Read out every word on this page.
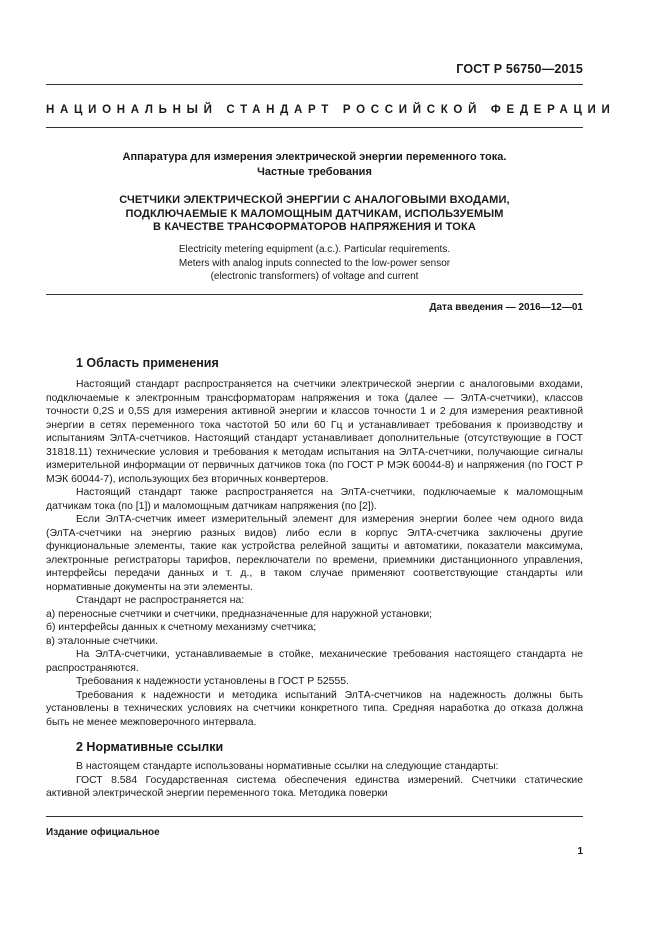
ГОСТ Р 56750—2015
НАЦИОНАЛЬНЫЙ СТАНДАРТ РОССИЙСКОЙ ФЕДЕРАЦИИ
Аппаратура для измерения электрической энергии переменного тока.
Частные требования
СЧЕТЧИКИ ЭЛЕКТРИЧЕСКОЙ ЭНЕРГИИ С АНАЛОГОВЫМИ ВХОДАМИ,
ПОДКЛЮЧАЕМЫЕ К МАЛОМОЩНЫМ ДАТЧИКАМ, ИСПОЛЬЗУЕМЫМ
В КАЧЕСТВЕ ТРАНСФОРМАТОРОВ НАПРЯЖЕНИЯ И ТОКА
Electricity metering equipment (a.c.). Particular requirements.
Meters with analog inputs connected to the low-power sensor
(electronic transformers) of voltage and current
Дата введения — 2016—12—01
1 Область применения

Настоящий стандарт распространяется на счетчики электрической энергии с аналоговыми входами, подключаемые к электронным трансформаторам напряжения и тока (далее — ЭлТА-счетчики), классов точности 0,2S и 0,5S для измерения активной энергии и классов точности 1 и 2 для измерения реактивной энергии в сетях переменного тока частотой 50 или 60 Гц и устанавливает требования к производству и испытаниям ЭлТА-счетчиков. Настоящий стандарт устанавливает дополнительные (отсутствующие в ГОСТ 31818.11) технические условия и требования к методам испытания на ЭлТА-счетчики, получающие сигналы измерительной информации от первичных датчиков тока (по ГОСТ Р МЭК 60044-8) и напряжения (по ГОСТ Р МЭК 60044-7), использующих без вторичных конвертеров.

Настоящий стандарт также распространяется на ЭлТА-счетчики, подключаемые к маломощным датчикам тока (по [1]) и маломощным датчикам напряжения (по [2]).

Если ЭлТА-счетчик имеет измерительный элемент для измерения энергии более чем одного вида (ЭлТА-счетчики на энергию разных видов) либо если в корпус ЭлТА-счетчика заключены другие функциональные элементы, такие как устройства релейной защиты и автоматики, показатели максимума, электронные регистраторы тарифов, переключатели по времени, приемники дистанционного управления, интерфейсы передачи данных и т. д., в таком случае применяют соответствующие стандарты или нормативные документы на эти элементы.

Стандарт не распространяется на:

а) переносные счетчики и счетчики, предназначенные для наружной установки;

б) интерфейсы данных к счетному механизму счетчика;

в) эталонные счетчики.

На ЭлТА-счетчики, устанавливаемые в стойке, механические требования настоящего стандарта не распространяются.

Требования к надежности установлены в ГОСТ Р 52555.

Требования к надежности и методика испытаний ЭлТА-счетчиков на надежность должны быть установлены в технических условиях на счетчики конкретного типа. Средняя наработка до отказа должна быть не менее межповерочного интервала.

2 Нормативные ссылки

В настоящем стандарте использованы нормативные ссылки на следующие стандарты:

ГОСТ 8.584 Государственная система обеспечения единства измерений. Счетчики статические активной электрической энергии переменного тока. Методика поверки

Издание официальное
1
